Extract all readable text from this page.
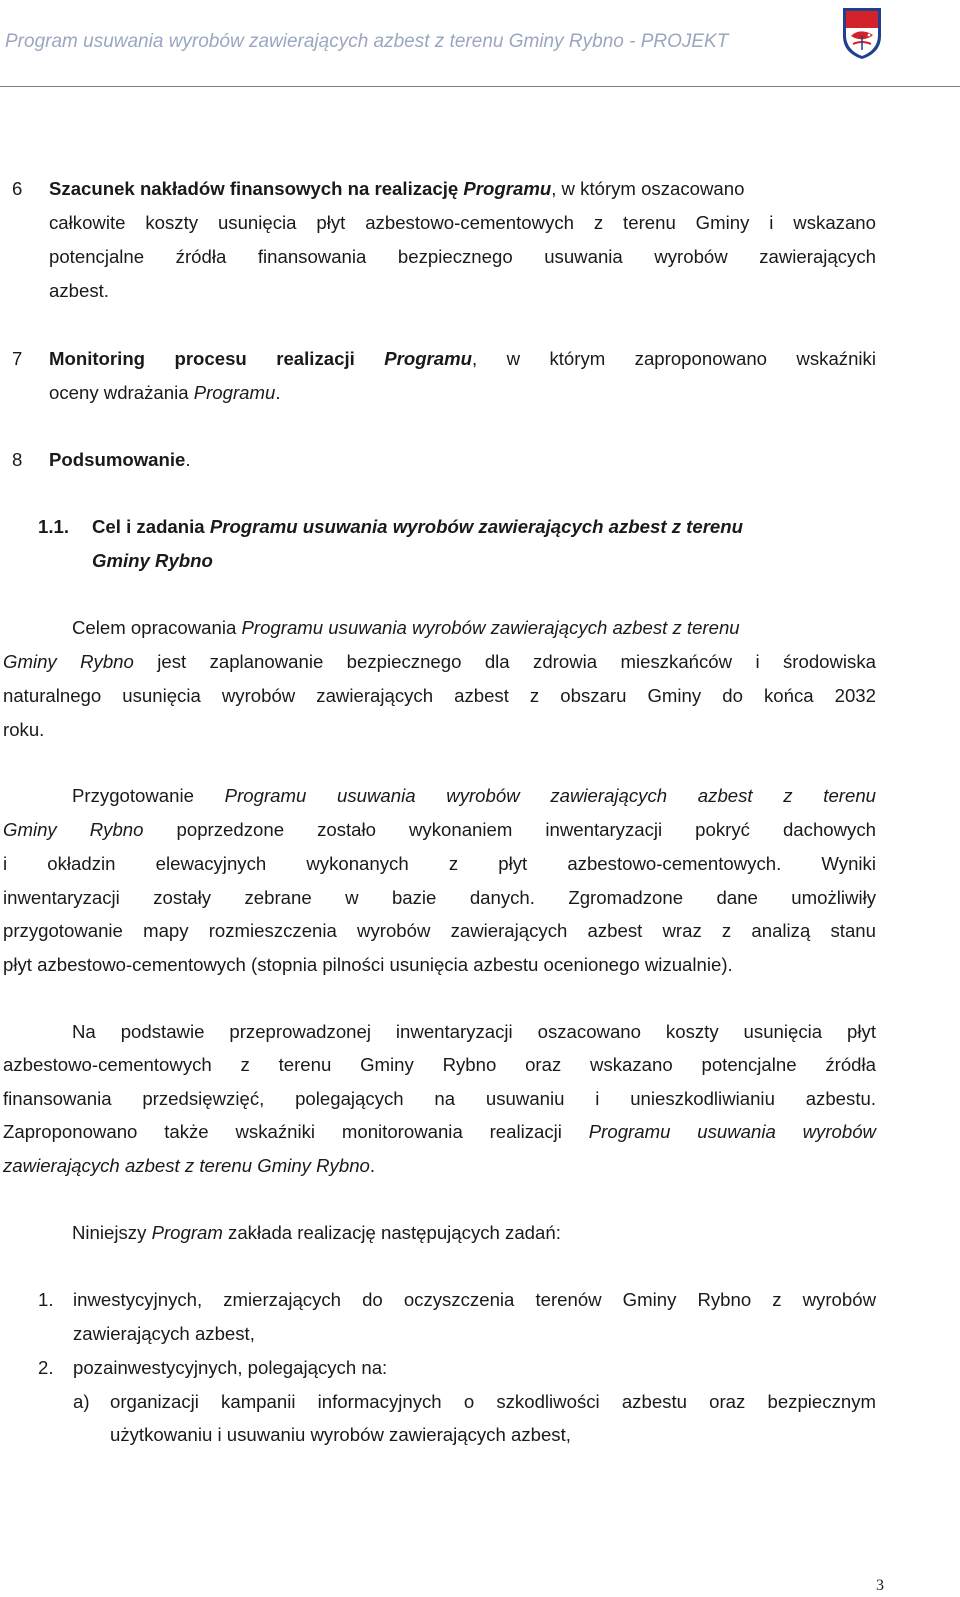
Program usuwania wyrobów zawierających azbest z terenu Gminy Rybno - PROJEKT
6 Szacunek nakładów finansowych na realizację Programu, w którym oszacowano
całkowite koszty usunięcia płyt azbestowo-cementowych z terenu Gminy i wskazano
potencjalne źródła finansowania bezpiecznego usuwania wyrobów zawierających
azbest.
7 Monitoring procesu realizacji Programu, w którym zaproponowano wskaźniki
oceny wdrażania Programu.
8 Podsumowanie.
1.1. Cel i zadania Programu usuwania wyrobów zawierających azbest z terenu
Gminy Rybno
Celem opracowania Programu usuwania wyrobów zawierających azbest z terenu
Gminy Rybno jest zaplanowanie bezpiecznego dla zdrowia mieszkańców i środowiska
naturalnego usunięcia wyrobów zawierających azbest z obszaru Gminy do końca 2032
roku.
Przygotowanie Programu usuwania wyrobów zawierających azbest z terenu
Gminy Rybno poprzedzone zostało wykonaniem inwentaryzacji pokryć dachowych
i okładzin elewacyjnych wykonanych z płyt azbestowo-cementowych. Wyniki
inwentaryzacji zostały zebrane w bazie danych. Zgromadzone dane umożliwiły
przygotowanie mapy rozmieszczenia wyrobów zawierających azbest wraz z analizą stanu
płyt azbestowo-cementowych (stopnia pilności usunięcia azbestu ocenionego wizualnie).
Na podstawie przeprowadzonej inwentaryzacji oszacowano koszty usunięcia płyt
azbestowo-cementowych z terenu Gminy Rybno oraz wskazano potencjalne źródła
finansowania przedsięwzięć, polegających na usuwaniu i unieszkodliwianiu azbestu.
Zaproponowano także wskaźniki monitorowania realizacji Programu usuwania wyrobów
zawierających azbest z terenu Gminy Rybno.
Niniejszy Program zakłada realizację następujących zadań:
1. inwestycyjnych, zmierzających do oczyszczenia terenów Gminy Rybno z wyrobów
zawierających azbest,
2. pozainwestycyjnych, polegających na:
a) organizacji kampanii informacyjnych o szkodliwości azbestu oraz bezpiecznym
użytkowaniu i usuwaniu wyrobów zawierających azbest,
3
